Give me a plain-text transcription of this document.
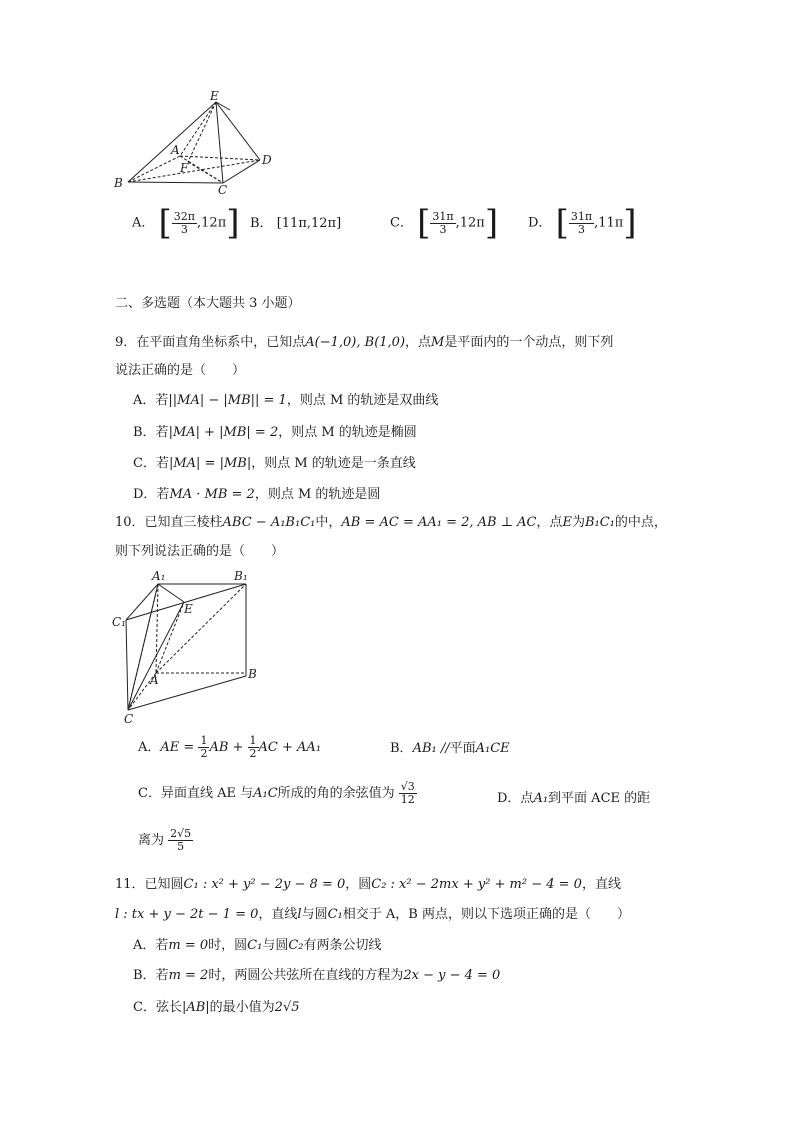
E
A
F
D
B	C
A． [ $\frac{32\pi}{3} ,12\pi$] B． [11π,12π]	C． [ $\frac{31\pi}{3} ,12\pi$] D． [ $\frac{31\pi}{3} ,11\pi$]
二、多选题（本大题共 3 小题）
9．在平面直角坐标系中，已知点A(−1,0), B(1,0)，点M是平面内的一个动点，则下列
说法正确的是（　　）
A．若||MA| − |MB|| = 1，则点 M 的轨迹是双曲线
B．若|MA| + |MB| = 2，则点 M 的轨迹是椭圆
C．若|MA| = |MB|，则点 M 的轨迹是一条直线
D．若MA · MB = 2，则点 M 的轨迹是圆
10．已知直三棱柱ABC − A₁B₁C₁中，AB = AC = AA₁ = 2, AB ⊥ AC，点E为B₁C₁的中点，
则下列说法正确的是（　　）
A₁	B₁
C₁
E
A	B
C
A．AE = $\frac{1}{2}$ AB + $\frac{1}{2}$ AC + AA₁	B．AB₁ //平面A₁CE
C．异面直线 AE 与A₁C所成的角的余弦值为 $\frac{√3}{12}$	D．点A₁到平面 ACE 的距
离为 $\frac{2√5}{5}$
11．已知圆C₁ : x² + y² − 2y − 8 = 0，圆C₂ : x² − 2mx + y² + m² − 4 = 0，直线
l : tx + y − 2t − 1 = 0，直线l与圆C₁相交于 A，B 两点，则以下选项正确的是（　　）
A．若m = 0时，圆C₁与圆C₂有两条公切线
B．若m = 2时，两圆公共弦所在直线的方程为2x − y − 4 = 0
C．弦长|AB|的最小值为2√5
